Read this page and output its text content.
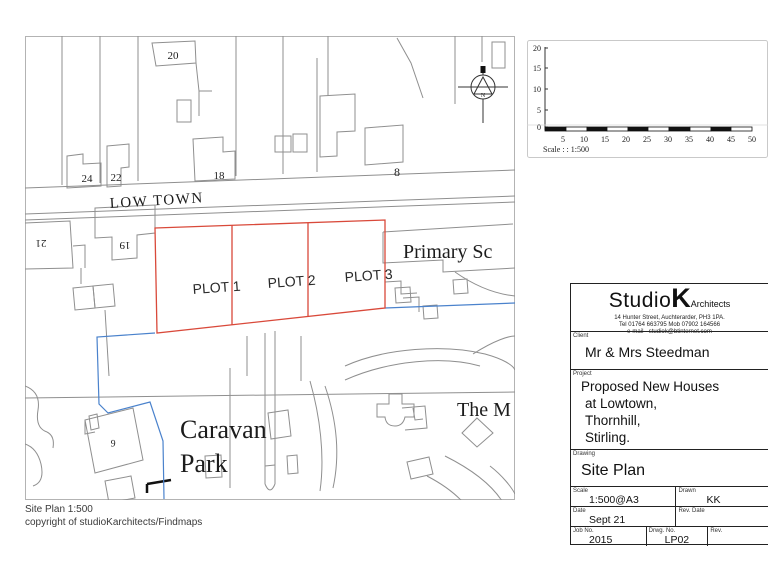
N
LOW TOWN
PLOT 1 PLOT 2 PLOT 3
Primary Sc
The M
Caravan
Park
20
24 22	18	8
21	19
6
20
15
10
5
0
5 10 15 20 25 30 35 40 45 50
Scale : : 1:500
StudioKArchitects
14 Hunter Street, Auchterarder, PH3 1PA.
Tel 01764 663795 Mob 07902 164566
e-mail - studiok@btinternet.com
Client
Mr & Mrs Steedman
Project
Proposed New Houses
at Lowtown,
Thornhill,
Stirling.
Drawing
Site Plan
Scale
1:500@A3
Drawn
KK
Date
Sept 21
Rev. Date
Job No.
2015
Drwg. No.
LP02
Rev.
Site Plan 1:500
copyright of studioKarchitects/Findmaps
